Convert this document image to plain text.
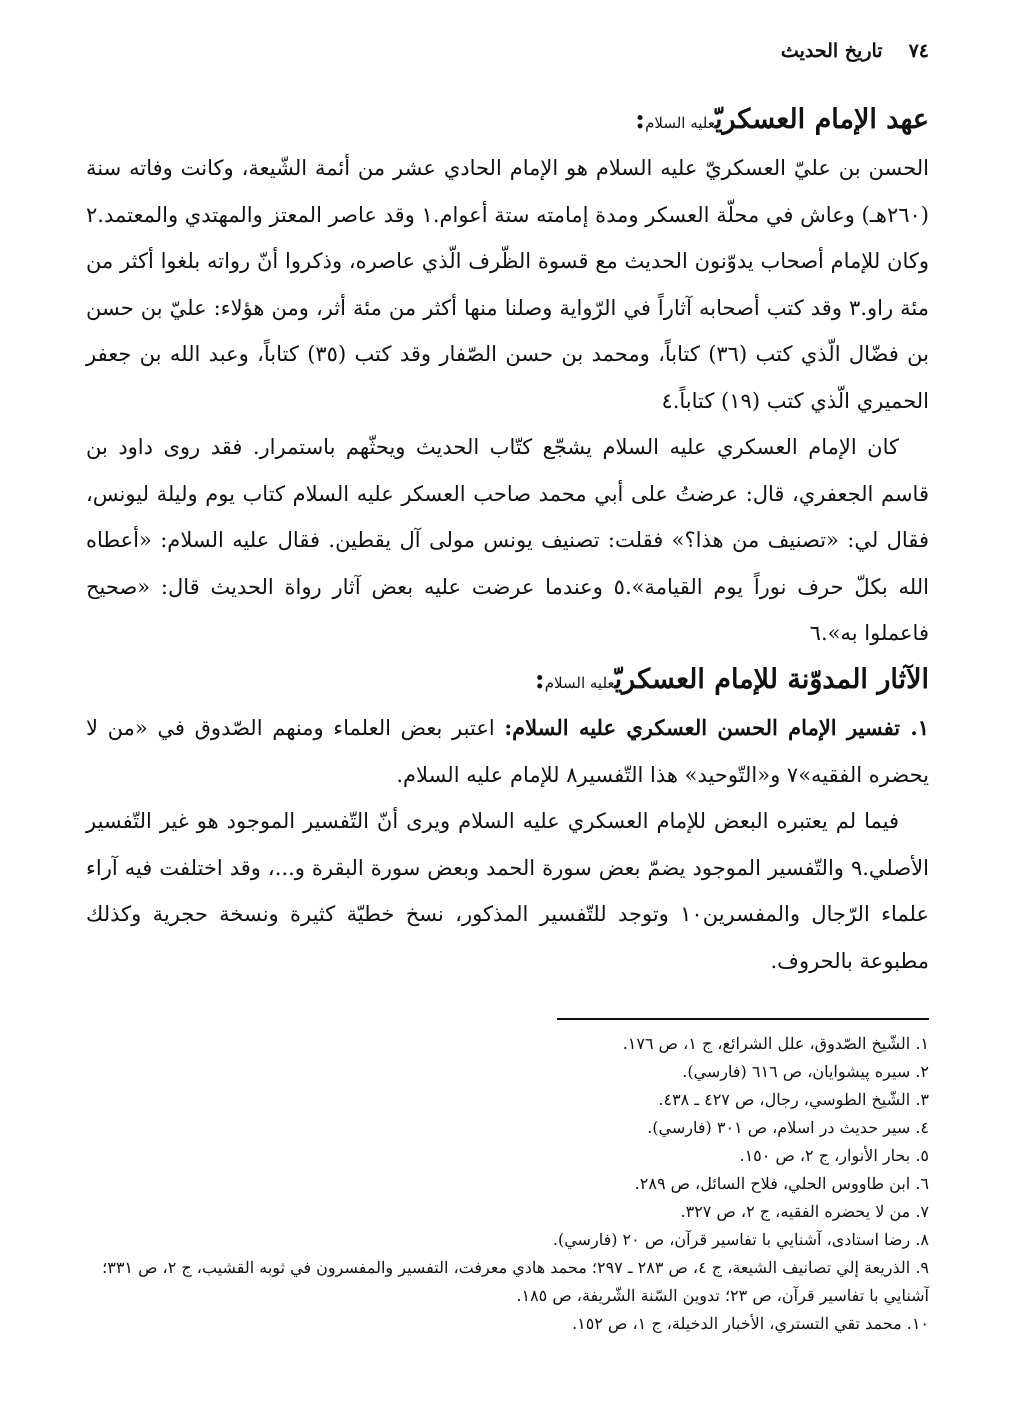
٧٤
تاريخ الحديث
عهد الإمام العسكريّعليه السلام:

الحسن بن عليّ العسكريّ عليه السلام هو الإمام الحادي عشر من أئمة الشّيعة، وكانت وفاته سنة (٢٦٠هـ) وعاش في محلّة العسكر ومدة إمامته ستة أعوام.١ وقد عاصر المعتز والمهتدي والمعتمد.٢ وكان للإمام أصحاب يدوّنون الحديث مع قسوة الظّرف الّذي عاصره، وذكروا أنّ رواته بلغوا أكثر من مئة راو.٣ وقد كتب أصحابه آثاراً في الرّواية وصلنا منها أكثر من مئة أثر، ومن هؤلاء: عليّ بن حسن بن فضّال الّذي كتب (٣٦) كتاباً، ومحمد بن حسن الصّفار وقد كتب (٣٥) كتاباً، وعبد الله بن جعفر الحميري الّذي كتب (١٩) كتاباً.٤

كان الإمام العسكري عليه السلام يشجّع كتّاب الحديث ويحثّهم باستمرار. فقد روى داود بن قاسم الجعفري، قال: عرضتُ على أبي محمد صاحب العسكر عليه السلام كتاب يوم وليلة ليونس، فقال لي: «تصنيف من هذا؟» فقلت: تصنيف يونس مولى آل يقطين. فقال عليه السلام: «أعطاه الله بكلّ حرف نوراً يوم القيامة».٥ وعندما عرضت عليه بعض آثار رواة الحديث قال: «صحيح فاعملوا به».٦

الآثار المدوّنة للإمام العسكريّعليه السلام:

١. تفسير الإمام الحسن العسكري عليه السلام: اعتبر بعض العلماء ومنهم الصّدوق في «من لا يحضره الفقيه»٧ و«التّوحيد» هذا التّفسير٨ للإمام عليه السلام.

فيما لم يعتبره البعض للإمام العسكري عليه السلام ويرى أنّ التّفسير الموجود هو غير التّفسير الأصلي.٩ والتّفسير الموجود يضمّ بعض سورة الحمد وبعض سورة البقرة و...، وقد اختلفت فيه آراء علماء الرّجال والمفسرين١٠ وتوجد للتّفسير المذكور، نسخ خطيّة كثيرة ونسخة حجرية وكذلك مطبوعة بالحروف.

١. الشّيخ الصّدوق، علل الشرائع، ج ١، ص ١٧٦.
٢. سيره پيشوايان، ص ٦١٦ (فارسي).
٣. الشّيخ الطوسي، رجال، ص ٤٢٧ ـ ٤٣٨.
٤. سير حديث در اسلام، ص ٣٠١ (فارسي).
٥. بحار الأنوار، ج ٢، ص ١٥٠.
٦. ابن طاووس الحلي، فلاح السائل، ص ٢٨٩.
٧. من لا يحضره الفقيه، ج ٢، ص ٣٢٧.
٨. رضا استادی، آشنايي با تفاسير قرآن، ص ٢٠ (فارسي).
٩. الذريعة إلي تصانيف الشيعة، ج ٤، ص ٢٨٣ ـ ٢٩٧؛ محمد هادي معرفت، التفسير والمفسرون في ثوبه القشيب، ج ٢، ص ٣٣١؛ آشنايي با تفاسير قرآن، ص ٢٣؛ تدوين السّنة الشّريفة، ص ١٨٥.
١٠. محمد تقي التستري، الأخبار الدخيلة، ج ١، ص ١٥٢.
